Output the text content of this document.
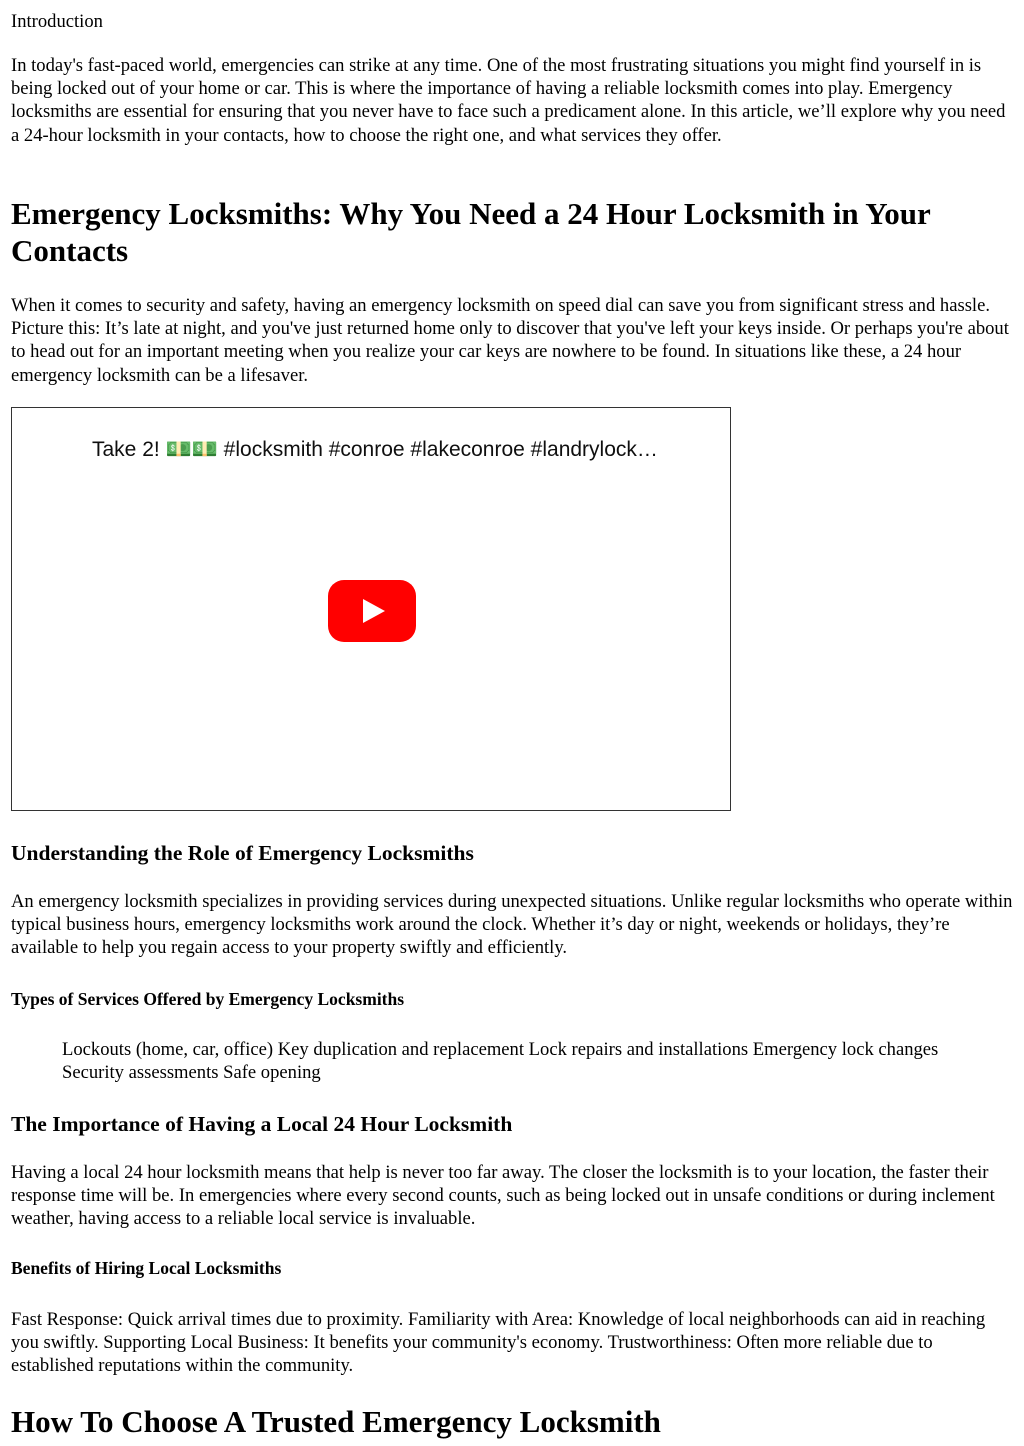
Introduction

In today's fast-paced world, emergencies can strike at any time. One of the most frustrating situations you might find yourself in is being locked out of your home or car. This is where the importance of having a reliable locksmith comes into play. Emergency locksmiths are essential for ensuring that you never have to face such a predicament alone. In this article, we’ll explore why you need a 24-hour locksmith in your contacts, how to choose the right one, and what services they offer.

Emergency Locksmiths: Why You Need a 24 Hour Locksmith in Your Contacts

When it comes to security and safety, having an emergency locksmith on speed dial can save you from significant stress and hassle. Picture this: It’s late at night, and you've just returned home only to discover that you've left your keys inside. Or perhaps you're about to head out for an important meeting when you realize your car keys are nowhere to be found. In situations like these, a 24 hour emergency locksmith can be a lifesaver.

Take 2! 💵💵 #locksmith #conroe #lakeconroe #landrylock…
Understanding the Role of Emergency Locksmiths

An emergency locksmith specializes in providing services during unexpected situations. Unlike regular locksmiths who operate within typical business hours, emergency locksmiths work around the clock. Whether it’s day or night, weekends or holidays, they’re available to help you regain access to your property swiftly and efficiently.

Types of Services Offered by Emergency Locksmiths

Lockouts (home, car, office) Key duplication and replacement Lock repairs and installations Emergency lock changes Security assessments Safe opening

The Importance of Having a Local 24 Hour Locksmith

Having a local 24 hour locksmith means that help is never too far away. The closer the locksmith is to your location, the faster their response time will be. In emergencies where every second counts, such as being locked out in unsafe conditions or during inclement weather, having access to a reliable local service is invaluable.

Benefits of Hiring Local Locksmiths

Fast Response: Quick arrival times due to proximity. Familiarity with Area: Knowledge of local neighborhoods can aid in reaching you swiftly. Supporting Local Business: It benefits your community's economy. Trustworthiness: Often more reliable due to established reputations within the community.

How To Choose A Trusted Emergency Locksmith
